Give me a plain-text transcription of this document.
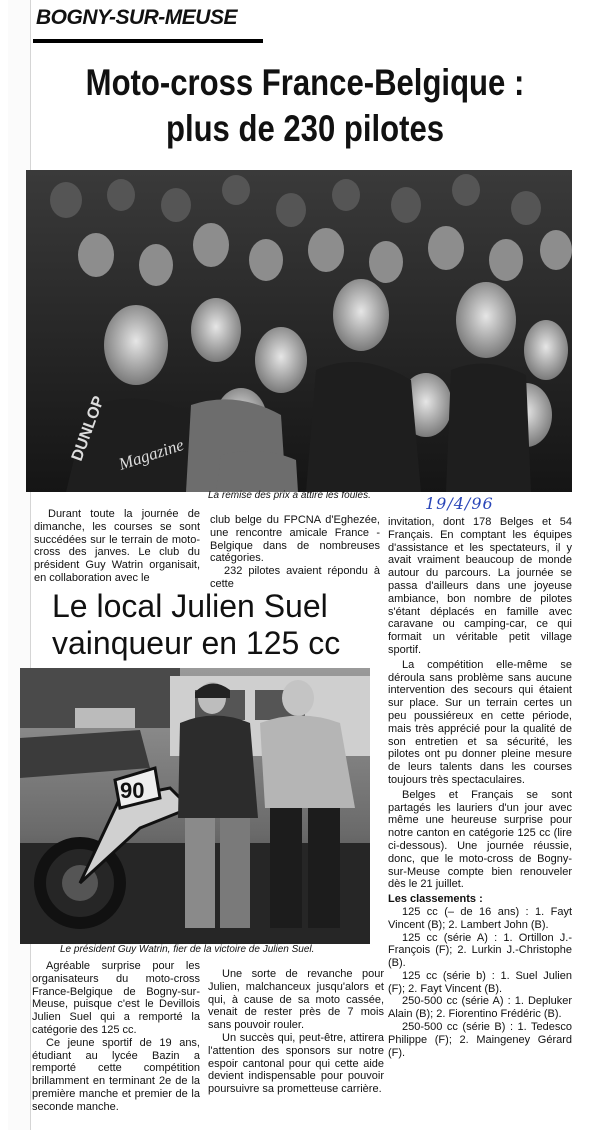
BOGNY-SUR-MEUSE
Moto-cross France-Belgique :
plus de 230 pilotes
DUNLOP Magazine
La remise des prix a attiré les foules.	19/4/96

Durant toute la journée de dimanche, les courses se sont succédées sur le terrain de moto-cross des janves. Le club du président Guy Watrin organisait, en collaboration avec le

club belge du FPCNA d'Eghezée, une rencontre amicale France - Belgique dans de nombreuses catégories.

232 pilotes avaient répondu à cette

Le local Julien Suel
vainqueur en 125 cc

invitation, dont 178 Belges et 54 Français. En comptant les équipes d'assistance et les spectateurs, il y avait vraiment beaucoup de monde autour du parcours. La journée se passa d'ailleurs dans une joyeuse ambiance, bon nombre de pilotes s'étant déplacés en famille avec caravane ou camping-car, ce qui formait un véritable petit village sportif.

La compétition elle-même se déroula sans problème sans aucune intervention des secours qui étaient sur place. Sur un terrain certes un peu poussiéreux en cette période, mais très apprécié pour la qualité de son entretien et sa sécurité, les pilotes ont pu donner pleine mesure de leurs talents dans les courses toujours très spectaculaires.

Belges et Français se sont partagés les lauriers d'un jour avec même une heureuse surprise pour notre canton en catégorie 125 cc (lire ci-dessous). Une journée réussie, donc, que le moto-cross de Bogny-sur-Meuse compte bien renouveler dès le 21 juillet.

Les classements :

125 cc (– de 16 ans) : 1. Fayt Vincent (B); 2. Lambert John (B).

125 cc (série A) : 1. Ortillon J.-François (F); 2. Lurkin J.-Christophe (B).

125 cc (série b) : 1. Suel Julien (F); 2. Fayt Vincent (B).

250-500 cc (série A) : 1. Depluker Alain (B); 2. Fiorentino Frédéric (B).

250-500 cc (série B) : 1. Tedesco Philippe (F); 2. Maingeney Gérard (F).

90
Le président Guy Watrin, fier de la victoire de Julien Suel.

Agréable surprise pour les organisateurs du moto-cross France-Belgique de Bogny-sur-Meuse, puisque c'est le Devillois Julien Suel qui a remporté la catégorie des 125 cc.

Ce jeune sportif de 19 ans, étudiant au lycée Bazin a remporté cette compétition brillamment en terminant 2e de la première manche et premier de la seconde manche.

Une sorte de revanche pour Julien, malchanceux jusqu'alors et qui, à cause de sa moto cassée, venait de rester près de 7 mois sans pouvoir rouler.

Un succès qui, peut-être, attirera l'attention des sponsors sur notre espoir cantonal pour qui cette aide devient indispensable pour pouvoir poursuivre sa prometteuse carrière.
